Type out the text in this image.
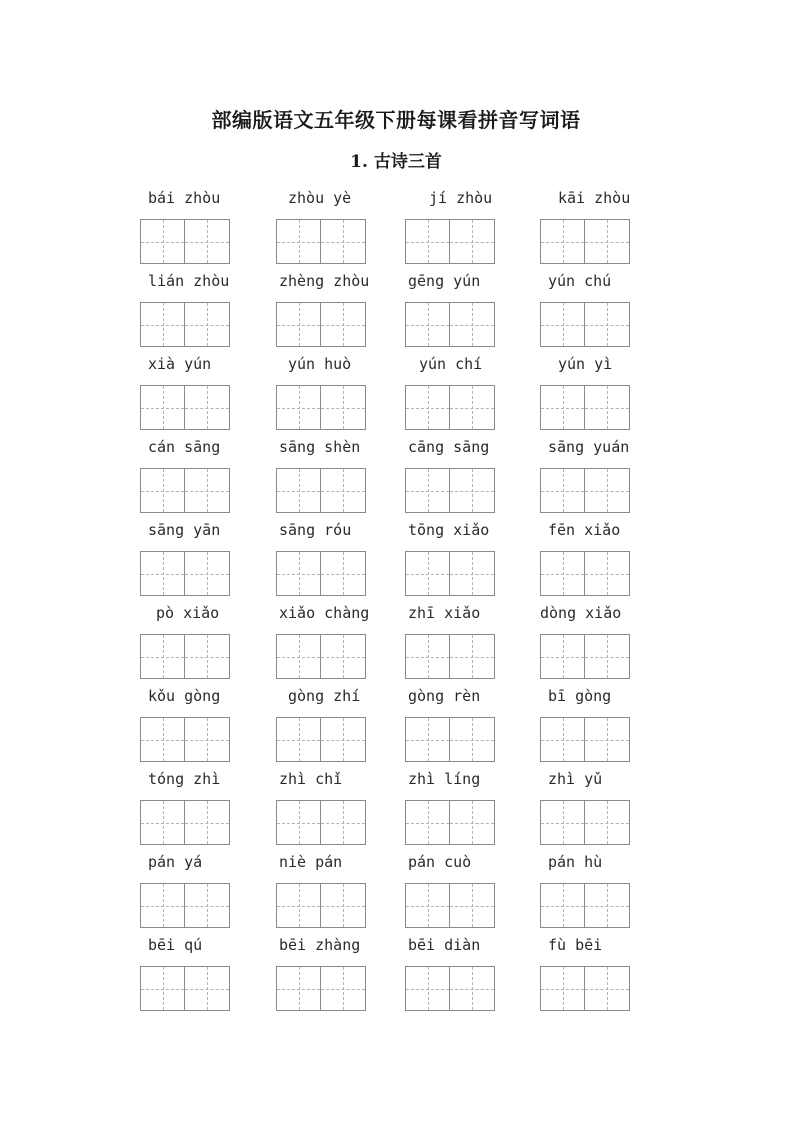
部编版语文五年级下册每课看拼音写词语
1. 古诗三首
bái zhòu	zhòu yè	jí zhòu	kāi zhòu
lián zhòu	zhèng zhòu	gēng yún	yún chú
xià yún	yún huò	yún chí	yún yì
cán sāng	sāng shèn	cāng sāng	sāng yuán
sāng yān	sāng róu	tōng xiǎo	fēn xiǎo
pò xiǎo	xiǎo chàng	zhī xiǎo	dòng xiǎo
kǒu gòng	gòng zhí	gòng rèn	bī gòng
tóng zhì	zhì chǐ	zhì líng	zhì yǔ
pán yá	niè pán	pán cuò	pán hù
bēi qú	bēi zhàng	bēi diàn	fù bēi
